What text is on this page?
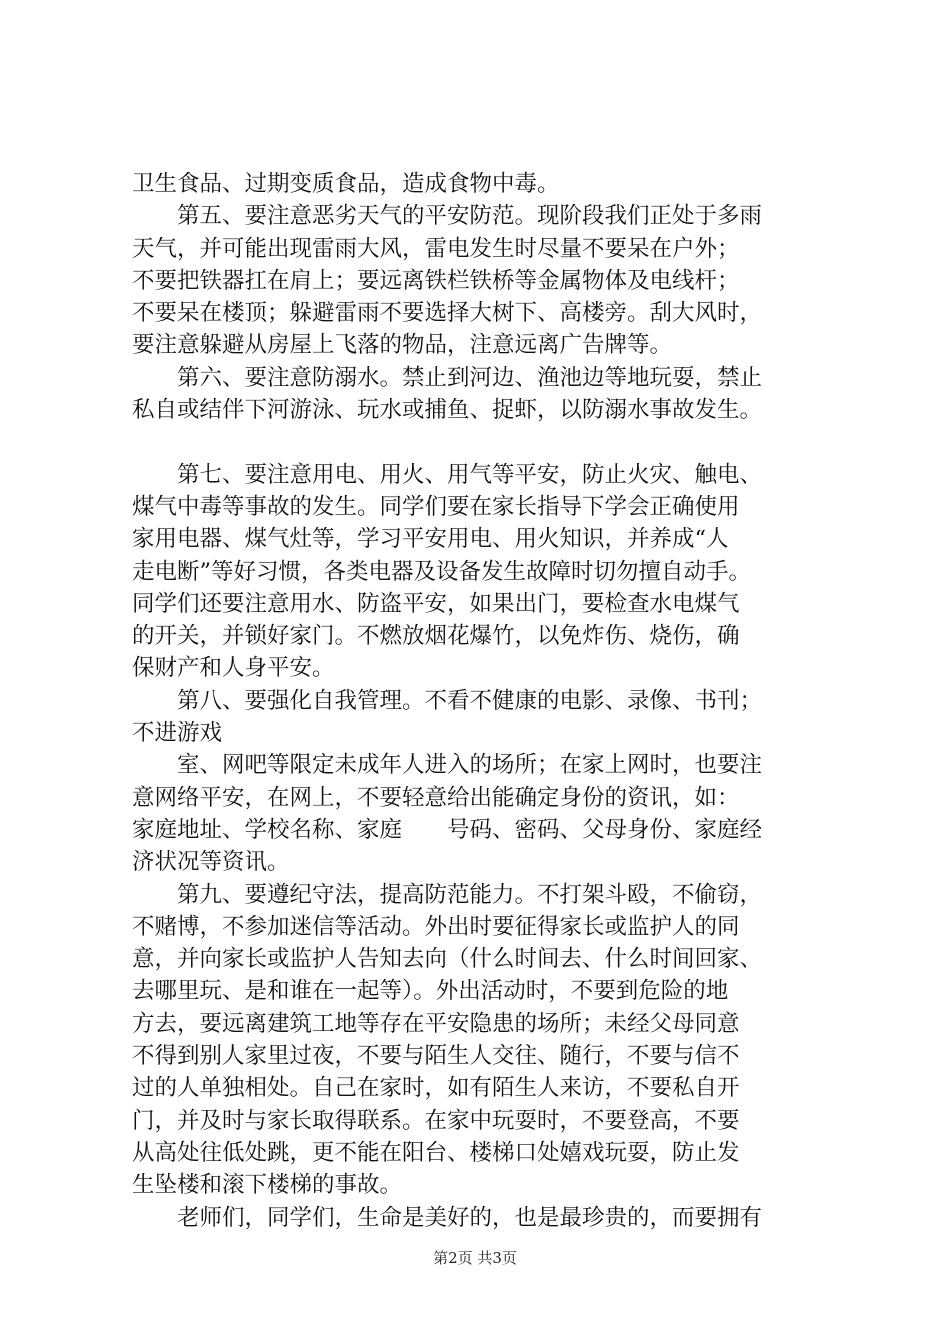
卫生食品、过期变质食品，造成食物中毒。
第五、要注意恶劣天气的平安防范。现阶段我们正处于多雨
天气，并可能出现雷雨大风，雷电发生时尽量不要呆在户外；
不要把铁器扛在肩上；要远离铁栏铁桥等金属物体及电线杆；
不要呆在楼顶；躲避雷雨不要选择大树下、高楼旁。刮大风时，
要注意躲避从房屋上飞落的物品，注意远离广告牌等。
第六、要注意防溺水。禁止到河边、渔池边等地玩耍，禁止
私自或结伴下河游泳、玩水或捕鱼、捉虾，以防溺水事故发生。
第七、要注意用电、用火、用气等平安，防止火灾、触电、
煤气中毒等事故的发生。同学们要在家长指导下学会正确使用
家用电器、煤气灶等，学习平安用电、用火知识，并养成“人
走电断”等好习惯，各类电器及设备发生故障时切勿擅自动手。
同学们还要注意用水、防盗平安，如果出门，要检查水电煤气
的开关，并锁好家门。不燃放烟花爆竹，以免炸伤、烧伤，确
保财产和人身平安。
第八、要强化自我管理。不看不健康的电影、录像、书刊；
不进游戏
室、网吧等限定未成年人进入的场所；在家上网时，也要注
意网络平安，在网上，不要轻意给出能确定身份的资讯，如：
家庭地址、学校名称、家庭　　号码、密码、父母身份、家庭经
济状况等资讯。
第九、要遵纪守法，提高防范能力。不打架斗殴，不偷窃，
不赌博，不参加迷信等活动。外出时要征得家长或监护人的同
意，并向家长或监护人告知去向（什么时间去、什么时间回家、
去哪里玩、是和谁在一起等）。外出活动时，不要到危险的地
方去，要远离建筑工地等存在平安隐患的场所；未经父母同意
不得到别人家里过夜，不要与陌生人交往、随行，不要与信不
过的人单独相处。自己在家时，如有陌生人来访，不要私自开
门，并及时与家长取得联系。在家中玩耍时，不要登高，不要
从高处往低处跳，更不能在阳台、楼梯口处嬉戏玩耍，防止发
生坠楼和滚下楼梯的事故。
老师们，同学们，生命是美好的，也是最珍贵的，而要拥有
第2页 共3页
